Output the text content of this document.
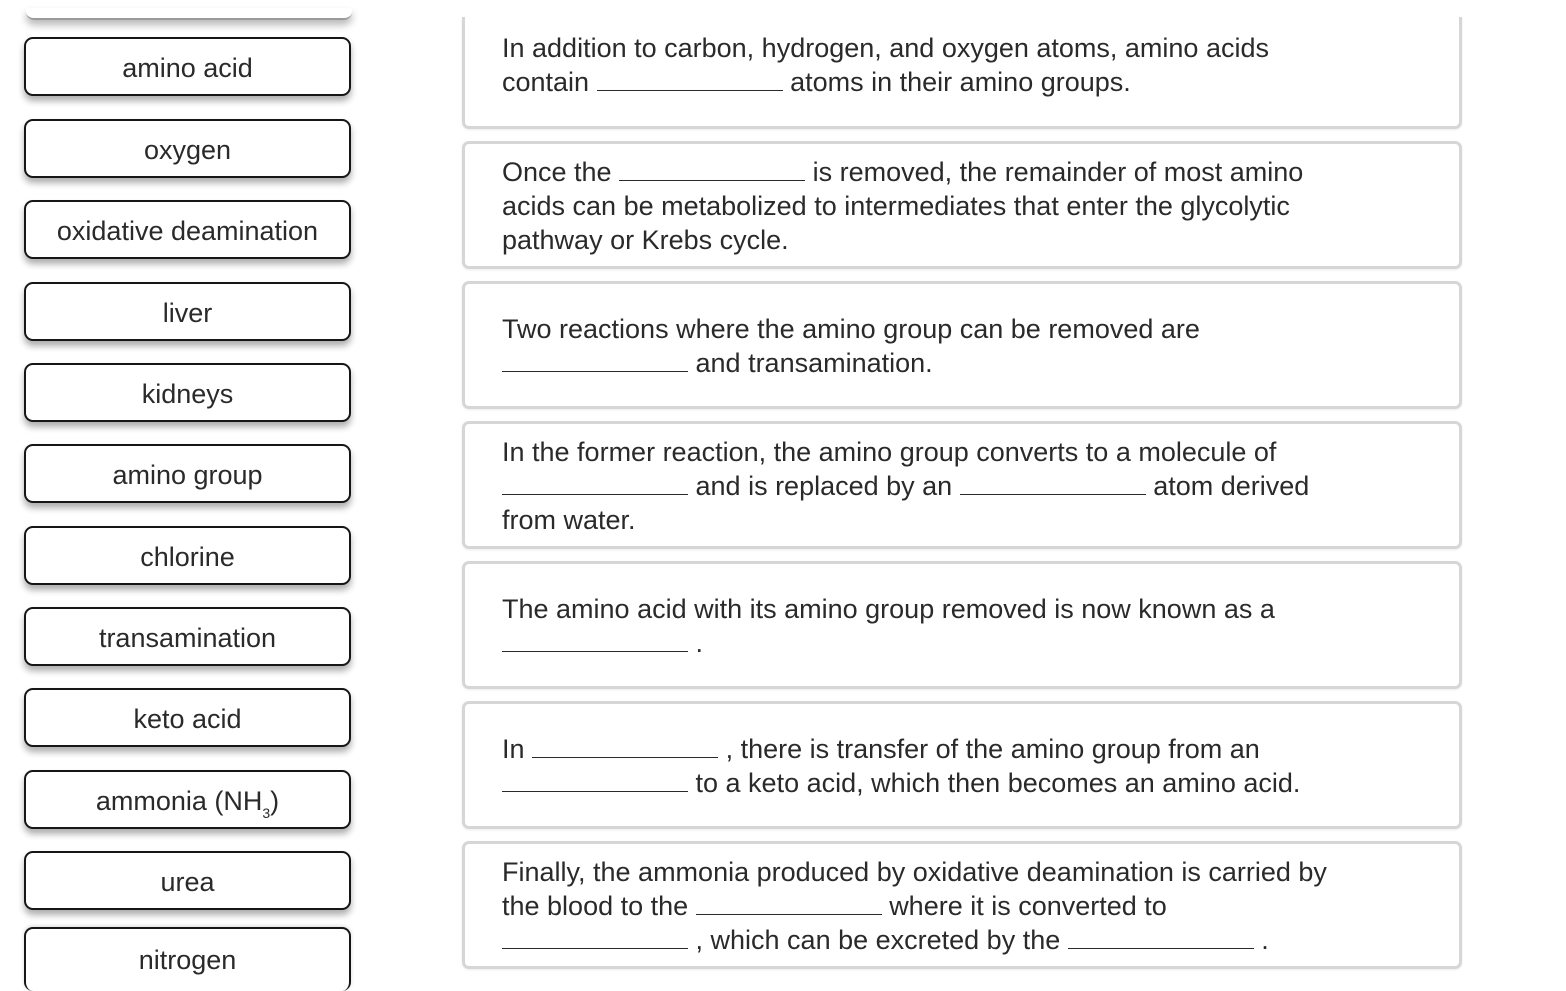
amino acid
oxygen
oxidative deamination
liver
kidneys
amino group
chlorine
transamination
keto acid
ammonia $(NH_3)$
urea
nitrogen
In addition to carbon, hydrogen, and oxygen atoms, amino acids
contain	atoms in their amino groups.
Once the	is removed, the remainder of most amino
acids can be metabolized to intermediates that enter the glycolytic
pathway or Krebs cycle.
Two reactions where the amino group can be removed are
and transamination.
In the former reaction, the amino group converts to a molecule of
and is replaced by an	atom derived
from water.
The amino acid with its amino group removed is now known as a
.
In	, there is transfer of the amino group from an
to a keto acid, which then becomes an amino acid.
Finally, the ammonia produced by oxidative deamination is carried by
the blood to the	where it is converted to
, which can be excreted by the	.
